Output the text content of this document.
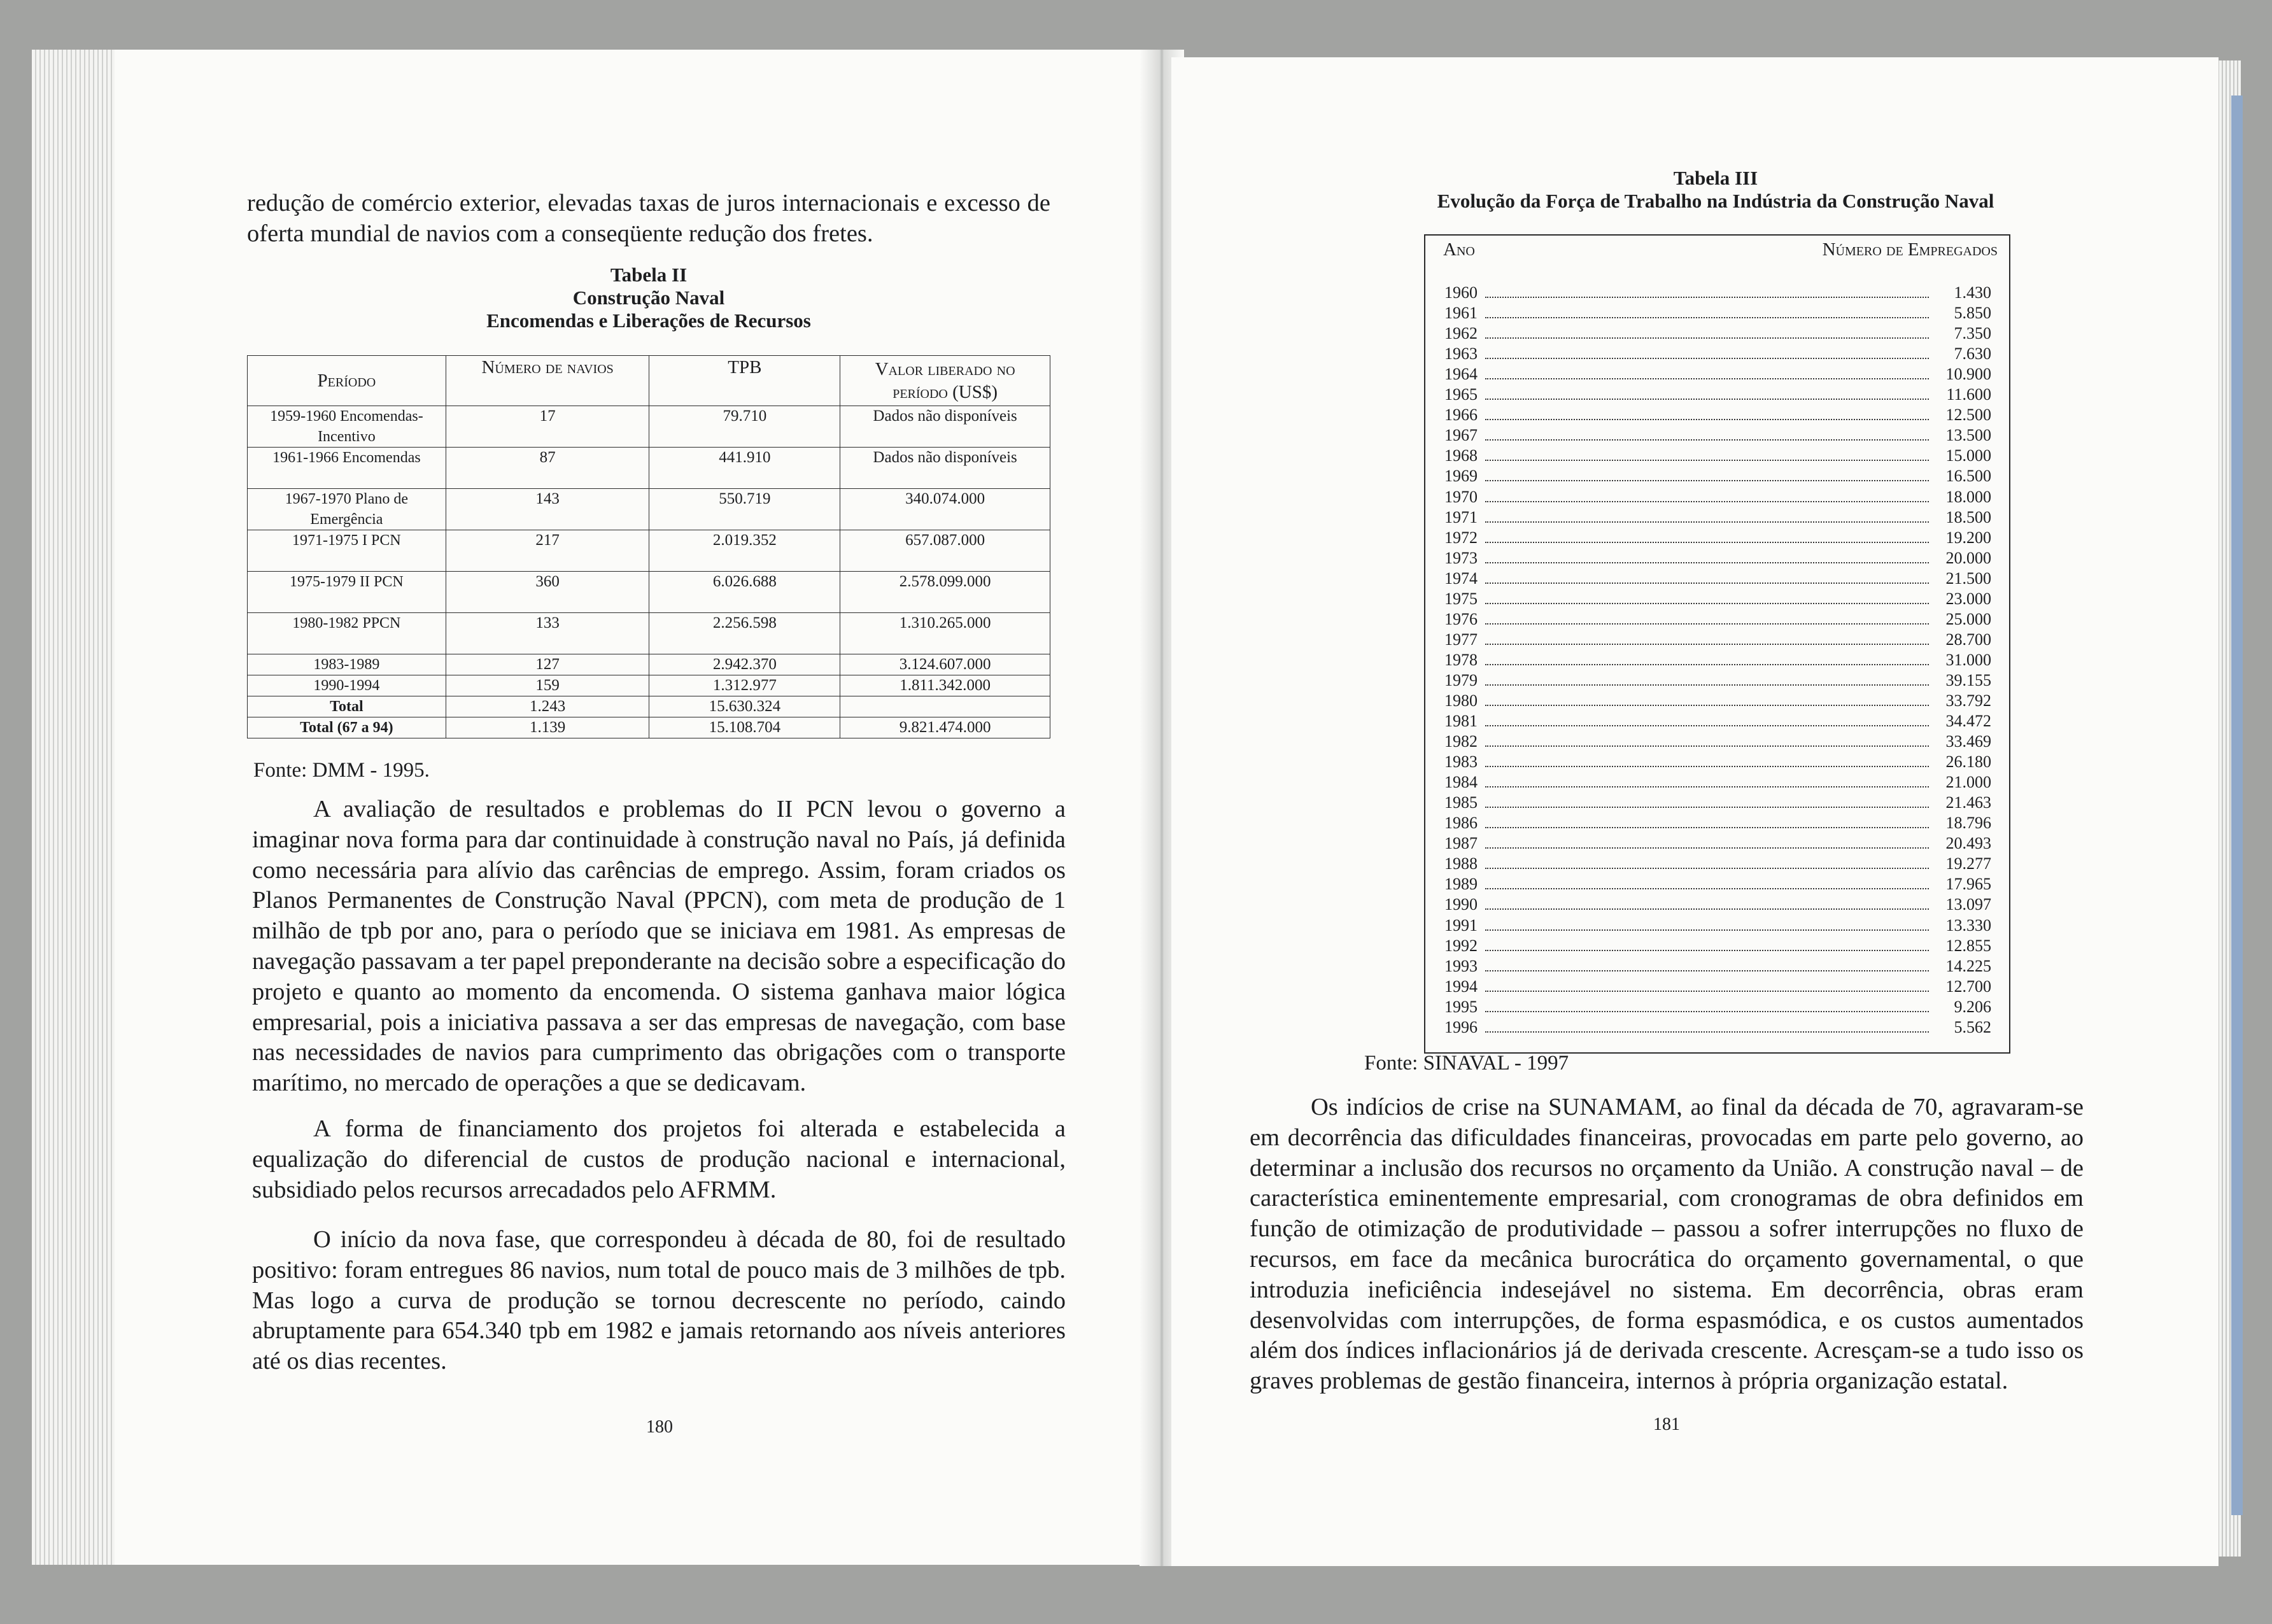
redução de comércio exterior, elevadas taxas de juros internacionais e excesso de oferta mundial de navios com a conseqüente redução dos fretes.

Tabela II
Construção Naval
Encomendas e Liberações de Recursos
Período	Número de navios	TPB	Valor liberado no período (US$)
1959-1960 Encomendas-Incentivo	17	79.710	Dados não disponíveis
1961-1966 Encomendas	87	441.910	Dados não disponíveis
1967-1970 Plano de Emergência	143	550.719	340.074.000
1971-1975 I PCN	217	2.019.352	657.087.000
1975-1979 II PCN	360	6.026.688	2.578.099.000
1980-1982 PPCN	133	2.256.598	1.310.265.000
1983-1989	127	2.942.370	3.124.607.000
1990-1994	159	1.312.977	1.811.342.000
Total	1.243	15.630.324	
Total (67 a 94)	1.139	15.108.704	9.821.474.000
Fonte: DMM - 1995.

A avaliação de resultados e problemas do II PCN levou o governo a imaginar nova forma para dar continuidade à construção naval no País, já definida como necessária para alívio das carências de emprego. Assim, foram criados os Planos Permanentes de Construção Naval (PPCN), com meta de produção de 1 milhão de tpb por ano, para o período que se iniciava em 1981. As empresas de navegação passavam a ter papel preponderante na decisão sobre a especificação do projeto e quanto ao momento da encomenda. O sistema ganhava maior lógica empresarial, pois a iniciativa passava a ser das empresas de navegação, com base nas necessidades de navios para cumprimento das obrigações com o transporte marítimo, no mercado de operações a que se dedicavam.

A forma de financiamento dos projetos foi alterada e estabelecida a equalização do diferencial de custos de produção nacional e internacional, subsidiado pelos recursos arrecadados pelo AFRMM.

O início da nova fase, que correspondeu à década de 80, foi de resultado positivo: foram entregues 86 navios, num total de pouco mais de 3 milhões de tpb. Mas logo a curva de produção se tornou decrescente no período, caindo abruptamente para 654.340 tpb em 1982 e jamais retornando aos níveis anteriores até os dias recentes.

180
Tabela III
Evolução da Força de Trabalho na Indústria da Construção Naval
Ano	Número de Empregados
1960	1.430
1961	5.850
1962	7.350
1963	7.630
1964	10.900
1965	11.600
1966	12.500
1967	13.500
1968	15.000
1969	16.500
1970	18.000
1971	18.500
1972	19.200
1973	20.000
1974	21.500
1975	23.000
1976	25.000
1977	28.700
1978	31.000
1979	39.155
1980	33.792
1981	34.472
1982	33.469
1983	26.180
1984	21.000
1985	21.463
1986	18.796
1987	20.493
1988	19.277
1989	17.965
1990	13.097
1991	13.330
1992	12.855
1993	14.225
1994	12.700
1995	9.206
1996	5.562
Fonte: SINAVAL - 1997

Os indícios de crise na SUNAMAM, ao final da década de 70, agravaram-se em decorrência das dificuldades financeiras, provocadas em parte pelo governo, ao determinar a inclusão dos recursos no orçamento da União. A construção naval – de característica eminentemente empresarial, com cronogramas de obra definidos em função de otimização de produtividade – passou a sofrer interrupções no fluxo de recursos, em face da mecânica burocrática do orçamento governamental, o que introduzia ineficiência indesejável no sistema. Em decorrência, obras eram desenvolvidas com interrupções, de forma espasmódica, e os custos aumentados além dos índices inflacionários já de derivada crescente. Acresçam-se a tudo isso os graves problemas de gestão financeira, internos à própria organização estatal.

181
